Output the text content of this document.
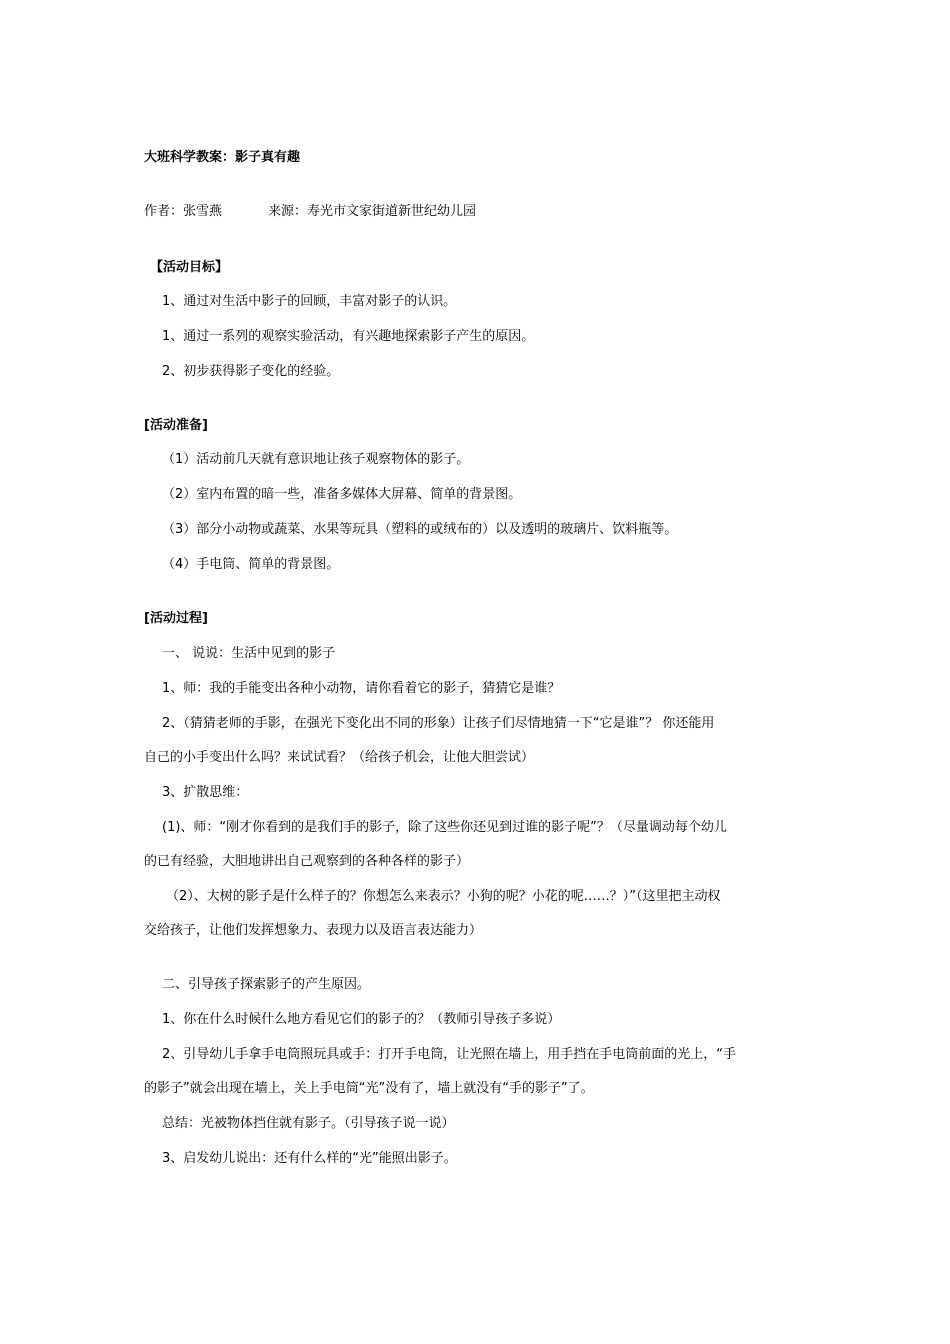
大班科学教案：影子真有趣
作者：张雪燕	来源：寿光市文家街道新世纪幼儿园
【活动目标】
1、通过对生活中影子的回顾，丰富对影子的认识。
1、通过一系列的观察实验活动，有兴趣地探索影子产生的原因。
2、初步获得影子变化的经验。
[活动准备]
（1）活动前几天就有意识地让孩子观察物体的影子。
（2）室内布置的暗一些，准备多媒体大屏幕、简单的背景图。
（3）部分小动物或蔬菜、水果等玩具（塑料的或绒布的）以及透明的玻璃片、饮料瓶等。
（4）手电筒、简单的背景图。
[活动过程]
一、 说说：生活中见到的影子
1、师：我的手能变出各种小动物，请你看着它的影子，猜猜它是谁？
2、（猜猜老师的手影，在强光下变化出不同的形象）让孩子们尽情地猜一下“它是谁”？ 你还能用
自己的小手变出什么吗？来试试看？（给孩子机会，让他大胆尝试）
3、扩散思维：
(1)、师：“刚才你看到的是我们手的影子，除了这些你还见到过谁的影子呢”？（尽量调动每个幼儿
的已有经验，大胆地讲出自己观察到的各种各样的影子）
（2）、大树的影子是什么样子的？你想怎么来表示？小狗的呢？小花的呢……？）”（这里把主动权
交给孩子，让他们发挥想象力、表现力以及语言表达能力）
二、引导孩子探索影子的产生原因。
1、你在什么时候什么地方看见它们的影子的？（教师引导孩子多说）
2、引导幼儿手拿手电筒照玩具或手：打开手电筒，让光照在墙上，用手挡在手电筒前面的光上，“手
的影子”就会出现在墙上，关上手电筒“光”没有了，墙上就没有“手的影子”了。
总结：光被物体挡住就有影子。（引导孩子说一说）
3、启发幼儿说出：还有什么样的“光”能照出影子。
